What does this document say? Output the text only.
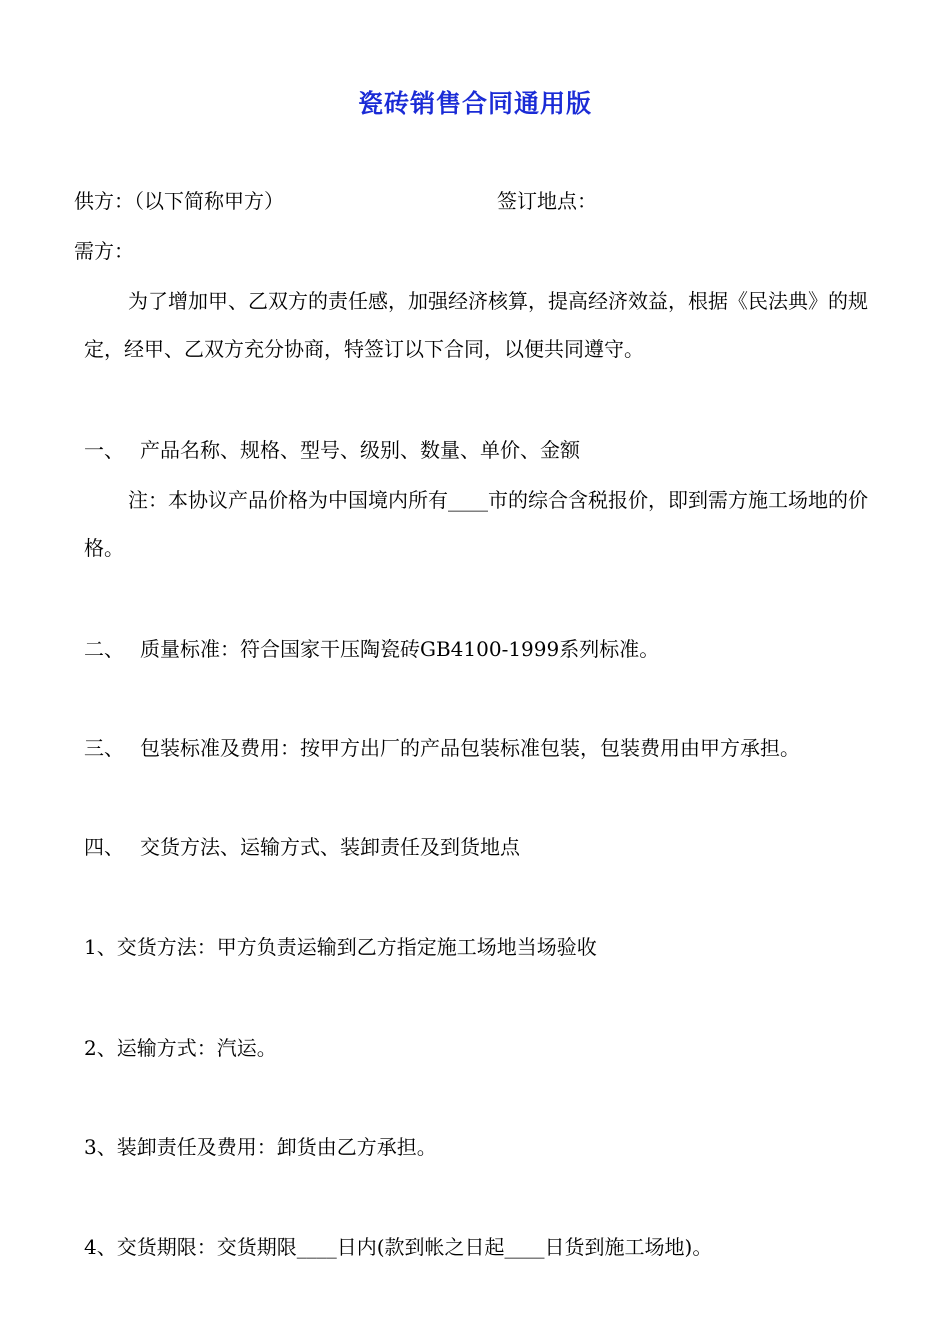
瓷砖销售合同通用版
供方：（以下简称甲方）	签订地点：
需方：
为了增加甲、乙双方的责任感，加强经济核算，提高经济效益，根据《民法典》的规定，经甲、乙双方充分协商，特签订以下合同，以便共同遵守。
一、 产品名称、规格、型号、级别、数量、单价、金额
注：本协议产品价格为中国境内所有____市的综合含税报价，即到需方施工场地的价格。
二、 质量标准：符合国家干压陶瓷砖GB4100-1999系列标准。
三、 包装标准及费用：按甲方出厂的产品包装标准包装，包装费用由甲方承担。
四、 交货方法、运输方式、装卸责任及到货地点
1、交货方法：甲方负责运输到乙方指定施工场地当场验收
2、运输方式：汽运。
3、装卸责任及费用：卸货由乙方承担。
4、交货期限：交货期限____日内(款到帐之日起____日货到施工场地)。
